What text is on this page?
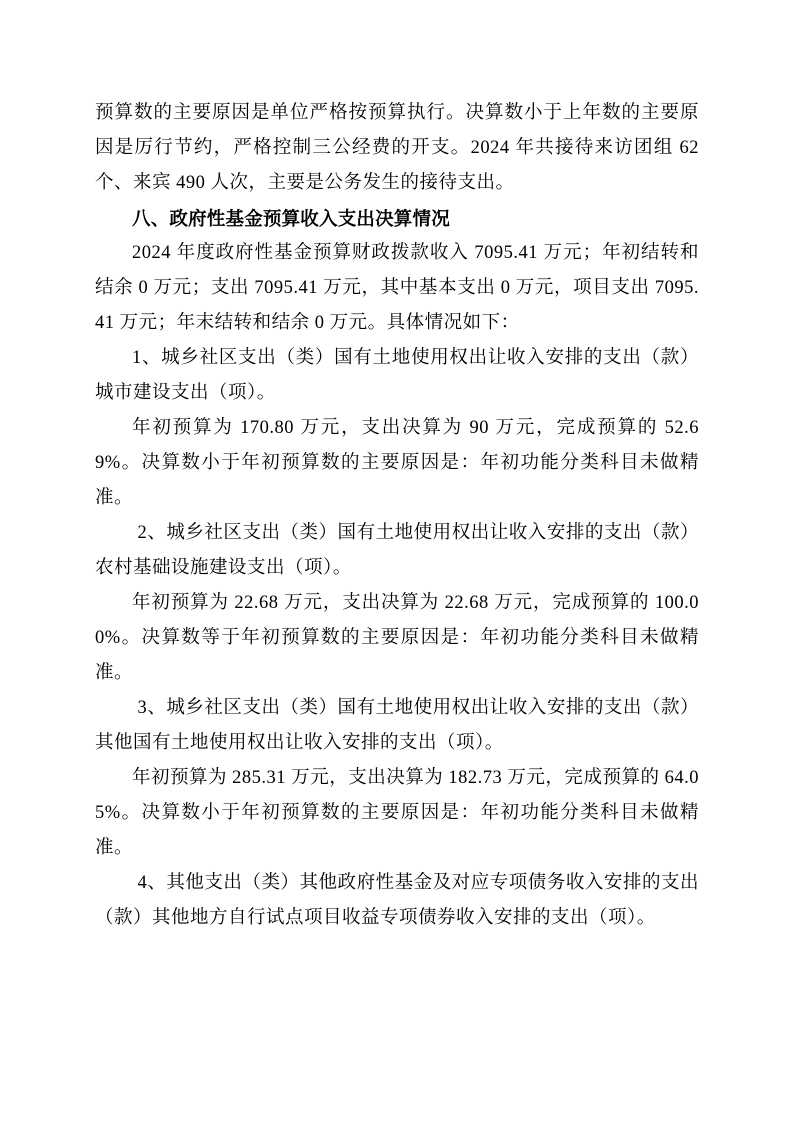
预算数的主要原因是单位严格按预算执行。决算数小于上年数的主要原因是厉行节约，严格控制三公经费的开支。2024 年共接待来访团组 62 个、来宾 490 人次，主要是公务发生的接待支出。

八、政府性基金预算收入支出决算情况

2024 年度政府性基金预算财政拨款收入 7095.41 万元；年初结转和结余 0 万元；支出 7095.41 万元，其中基本支出 0 万元，项目支出 7095.41 万元；年末结转和结余 0 万元。具体情况如下：

1、城乡社区支出（类）国有土地使用权出让收入安排的支出（款）城市建设支出（项）。

年初预算为 170.80 万元，支出决算为 90 万元，完成预算的 52.69%。决算数小于年初预算数的主要原因是：年初功能分类科目未做精准。

2、城乡社区支出（类）国有土地使用权出让收入安排的支出（款）农村基础设施建设支出（项）。

年初预算为 22.68 万元，支出决算为 22.68 万元，完成预算的 100.00%。决算数等于年初预算数的主要原因是：年初功能分类科目未做精准。

3、城乡社区支出（类）国有土地使用权出让收入安排的支出（款）其他国有土地使用权出让收入安排的支出（项）。

年初预算为 285.31 万元，支出决算为 182.73 万元，完成预算的 64.05%。决算数小于年初预算数的主要原因是：年初功能分类科目未做精准。

4、其他支出（类）其他政府性基金及对应专项债务收入安排的支出（款）其他地方自行试点项目收益专项债券收入安排的支出（项）。
